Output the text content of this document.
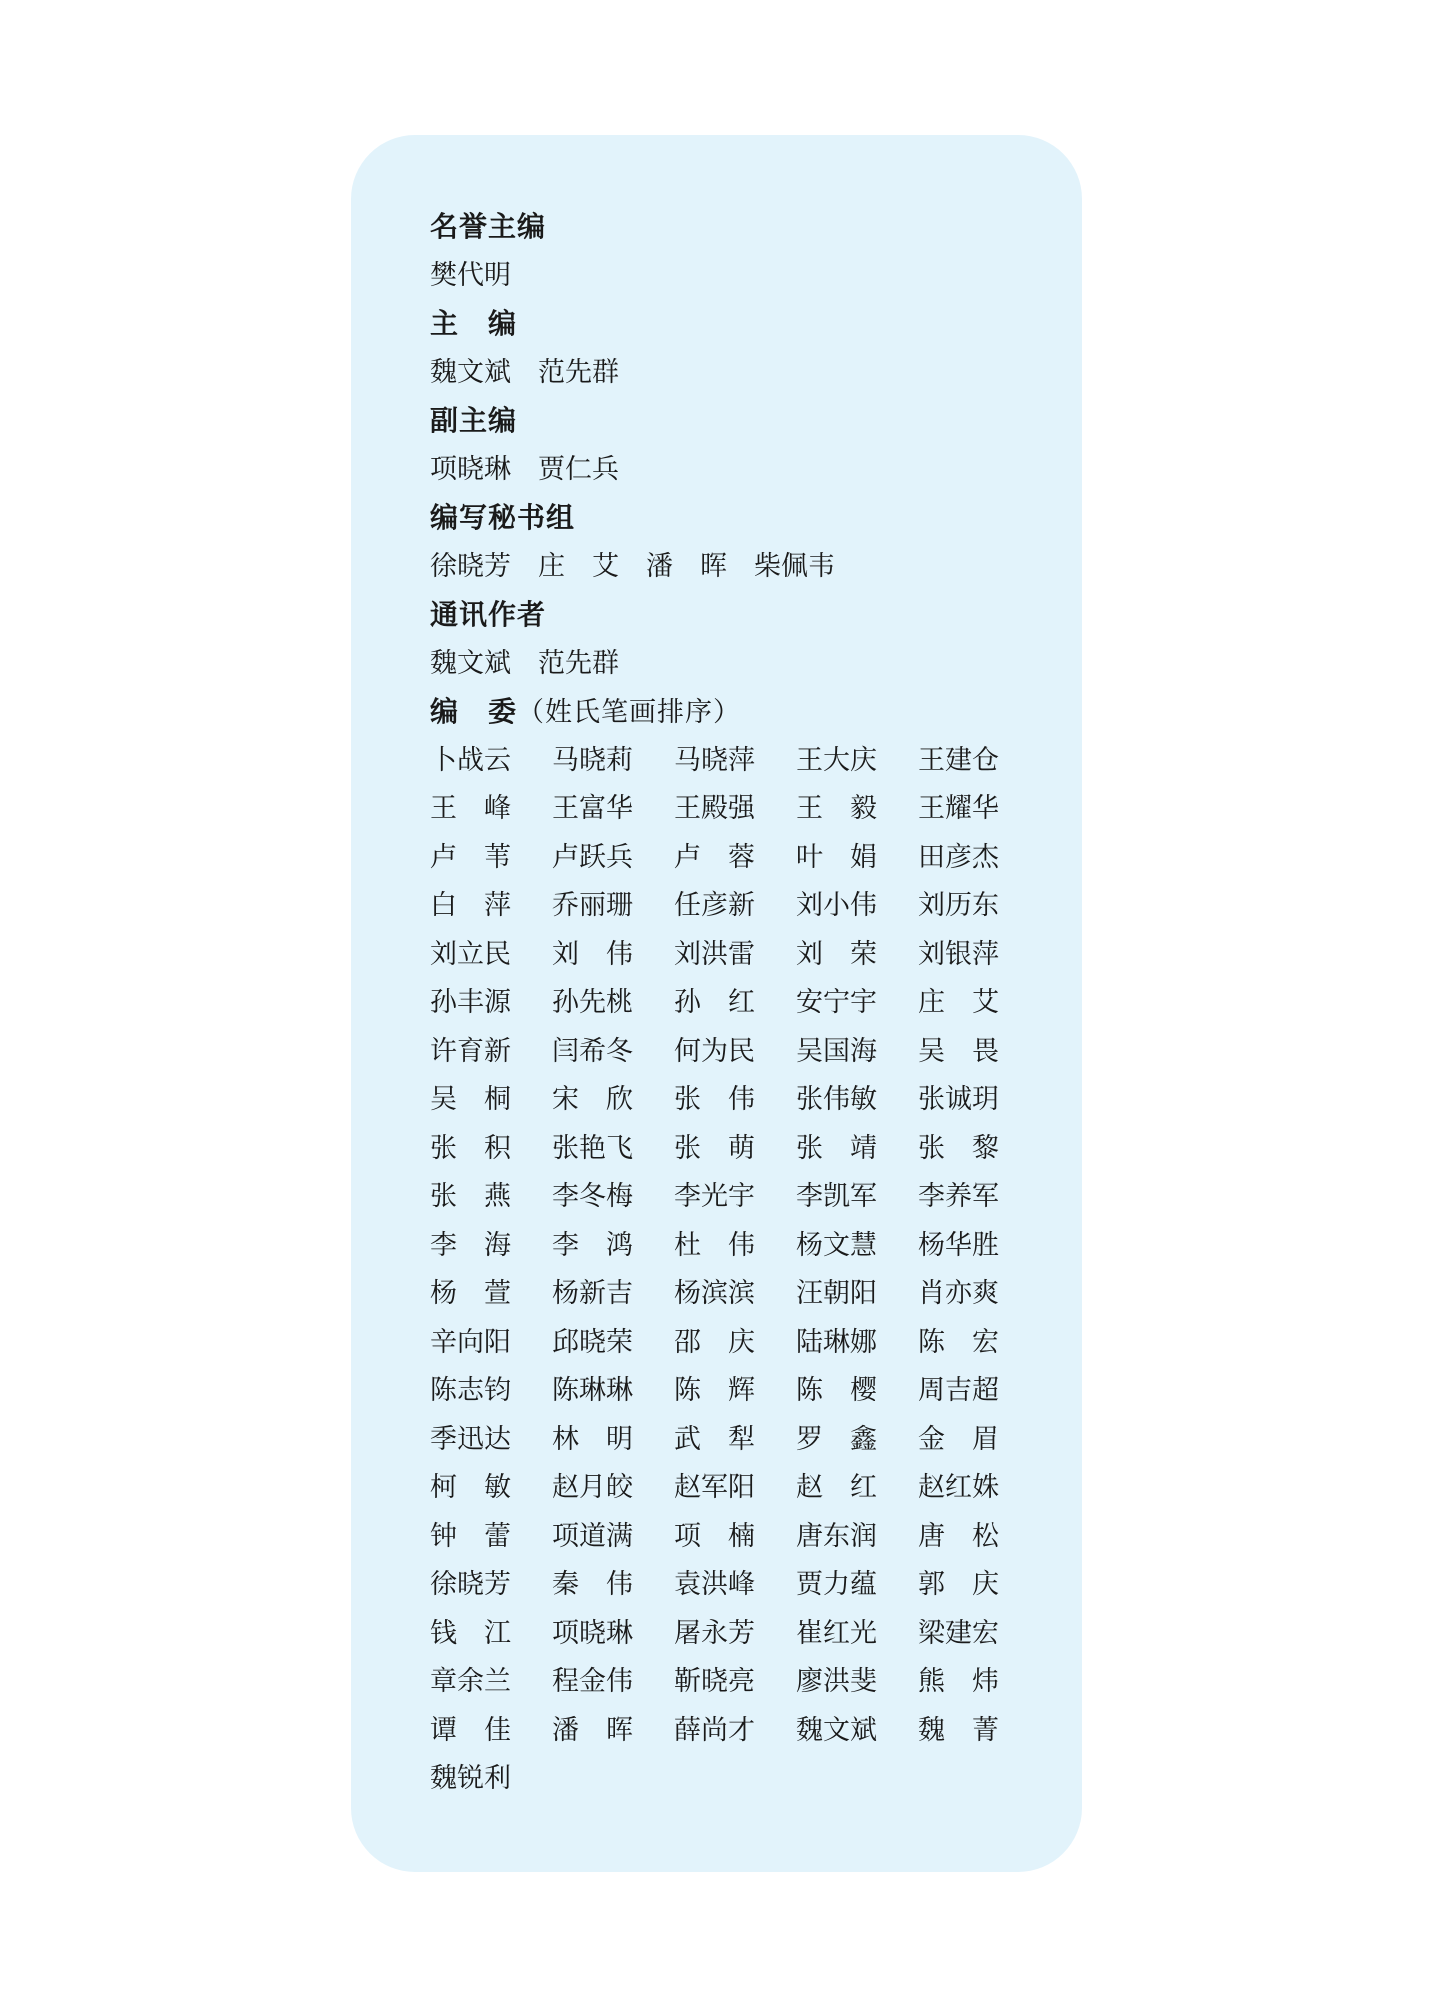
名誉主编
樊代明
主　编
魏文斌　范先群
副主编
项晓琳　贾仁兵
编写秘书组
徐晓芳　庄　艾　潘　晖　柴佩韦
通讯作者
魏文斌　范先群
编　委（姓氏笔画排序）
卜战云 马晓莉 马晓萍 王大庆 王建仓
王　峰 王富华 王殿强 王　毅 王耀华
卢　苇 卢跃兵 卢　蓉 叶　娟 田彦杰
白　萍 乔丽珊 任彦新 刘小伟 刘历东
刘立民 刘　伟 刘洪雷 刘　荣 刘银萍
孙丰源 孙先桃 孙　红 安宁宇 庄　艾
许育新 闫希冬 何为民 吴国海 吴　畏
吴　桐 宋　欣 张　伟 张伟敏 张诚玥
张　积 张艳飞 张　萌 张　靖 张　黎
张　燕 李冬梅 李光宇 李凯军 李养军
李　海 李　鸿 杜　伟 杨文慧 杨华胜
杨　萱 杨新吉 杨滨滨 汪朝阳 肖亦爽
辛向阳 邱晓荣 邵　庆 陆琳娜 陈　宏
陈志钧 陈琳琳 陈　辉 陈　樱 周吉超
季迅达 林　明 武　犁 罗　鑫 金　眉
柯　敏 赵月皎 赵军阳 赵　红 赵红姝
钟　蕾 项道满 项　楠 唐东润 唐　松
徐晓芳 秦　伟 袁洪峰 贾力蕴 郭　庆
钱　江 项晓琳 屠永芳 崔红光 梁建宏
章余兰 程金伟 靳晓亮 廖洪斐 熊　炜
谭　佳 潘　晖 薛尚才 魏文斌 魏　菁
魏锐利
